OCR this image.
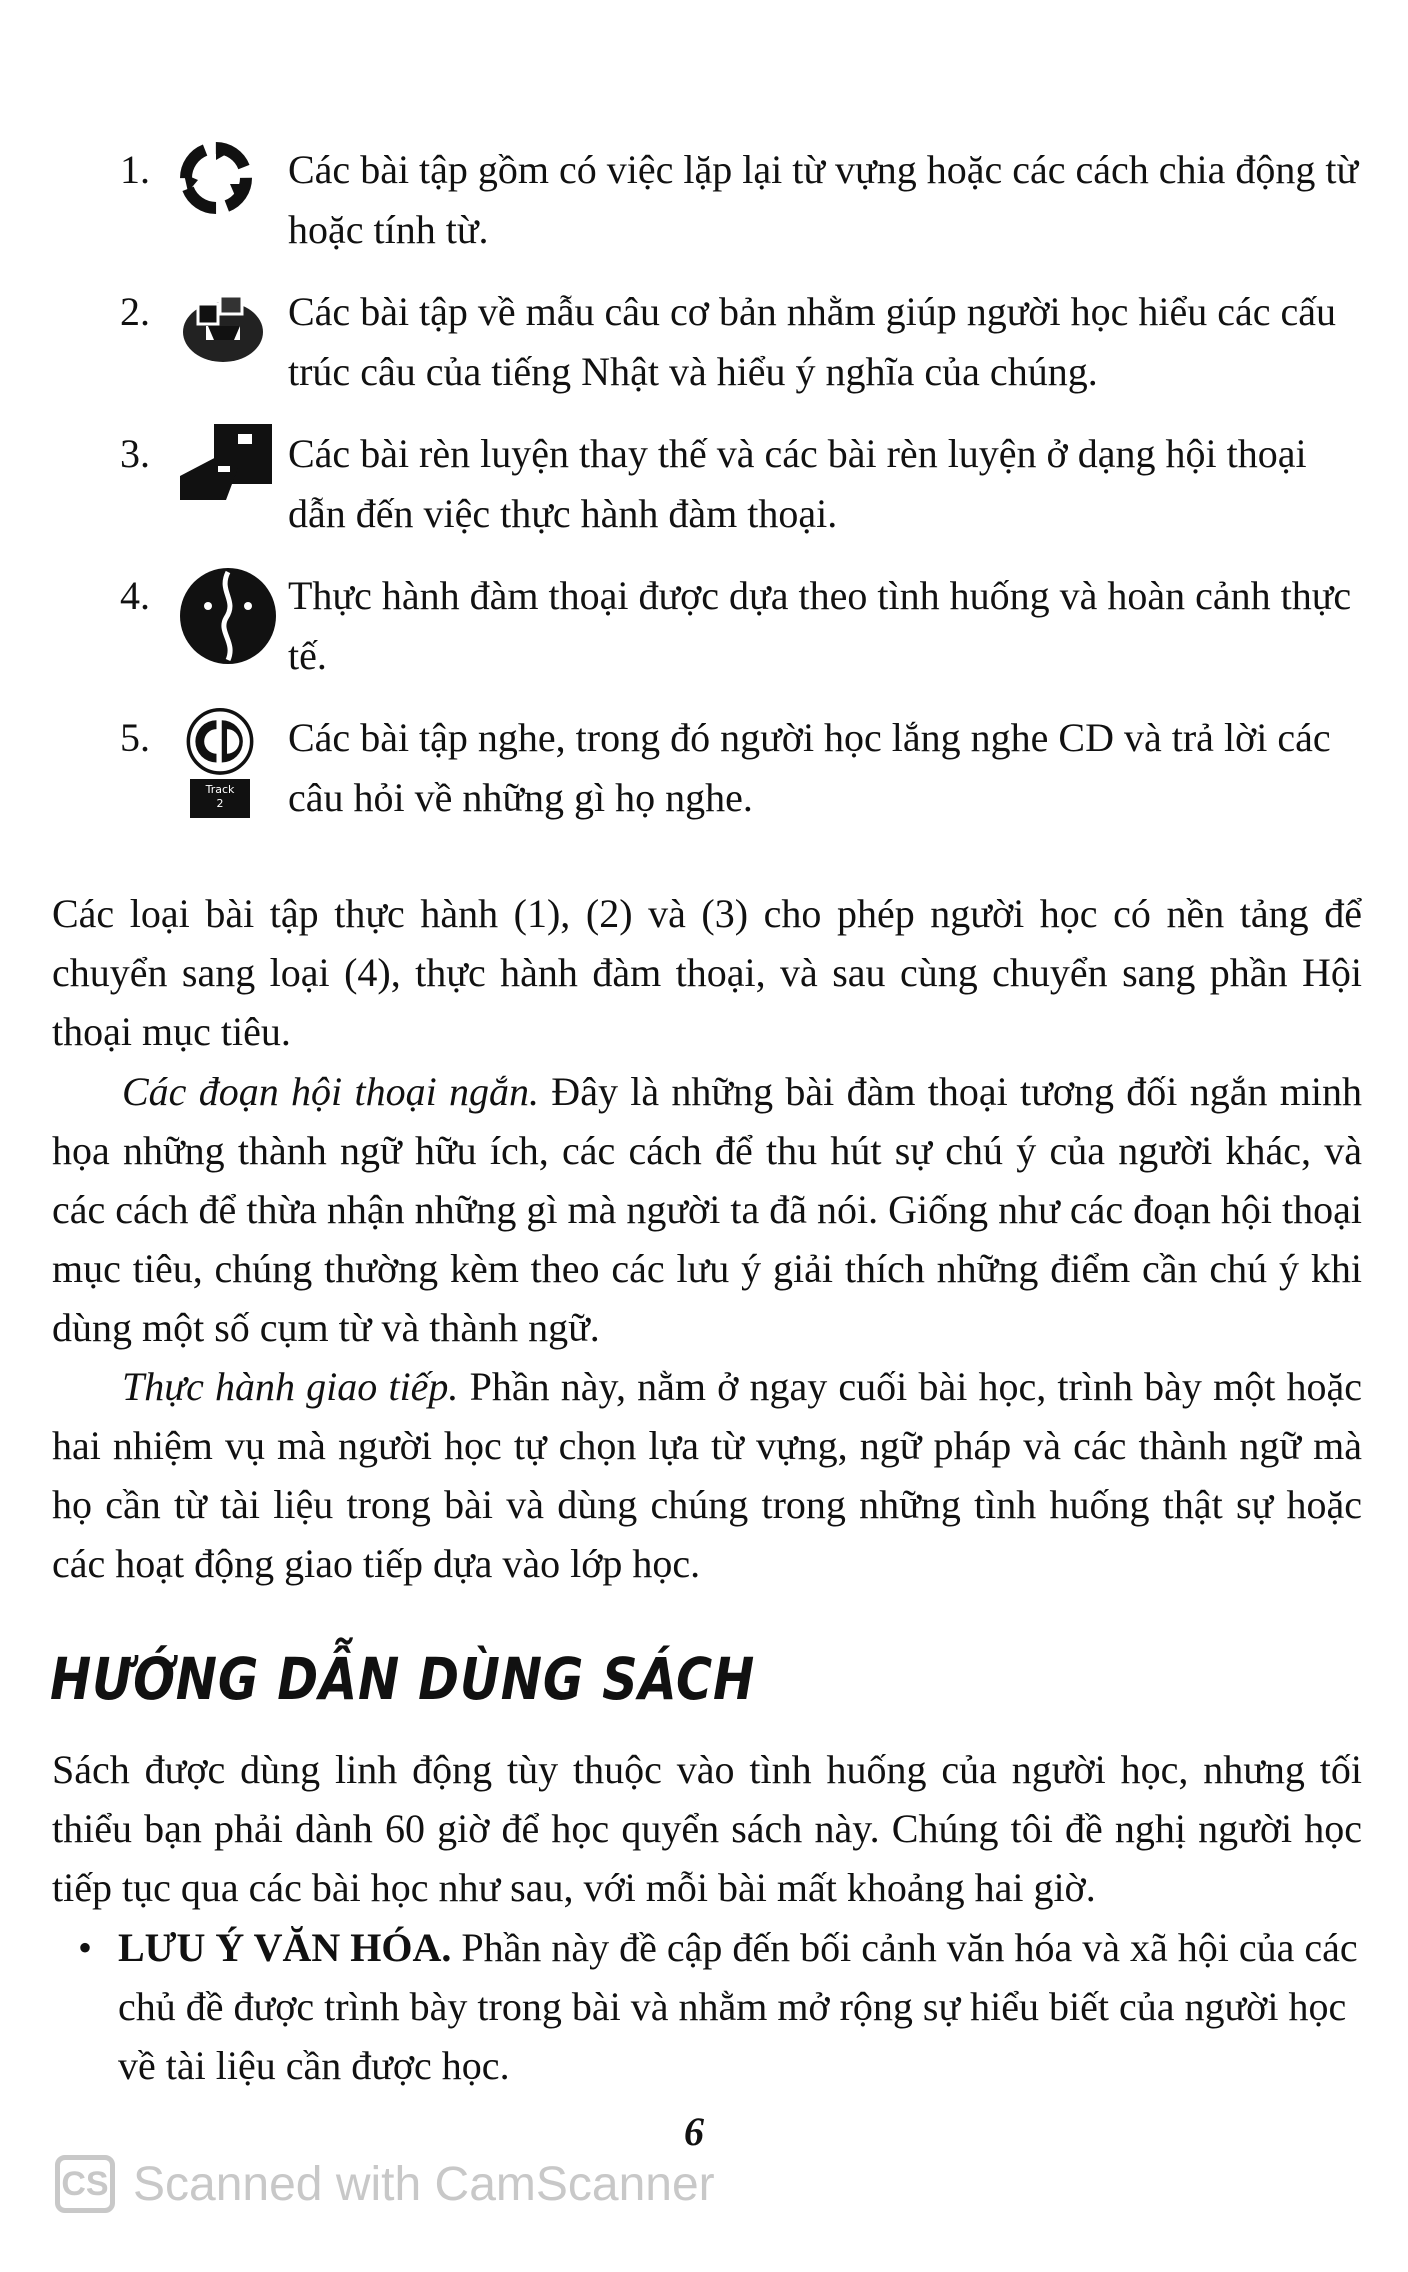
1.	Các bài tập gồm có việc lặp lại từ vựng hoặc các cách chia động từ hoặc tính từ.
2.	Các bài tập về mẫu câu cơ bản nhằm giúp người học hiểu các cấu trúc câu của tiếng Nhật và hiểu ý nghĩa của chúng.
3.	Các bài rèn luyện thay thế và các bài rèn luyện ở dạng hội thoại dẫn đến việc thực hành đàm thoại.
4.	Thực hành đàm thoại được dựa theo tình huống và hoàn cảnh thực tế.
5.
Track
2
Các bài tập nghe, trong đó người học lắng nghe CD và trả lời các câu hỏi về những gì họ nghe.
Các loại bài tập thực hành (1), (2) và (3) cho phép người học có nền tảng để chuyển sang loại (4), thực hành đàm thoại, và sau cùng chuyển sang phần Hội thoại mục tiêu.
Các đoạn hội thoại ngắn. Đây là những bài đàm thoại tương đối ngắn minh họa những thành ngữ hữu ích, các cách để thu hút sự chú ý của người khác, và các cách để thừa nhận những gì mà người ta đã nói. Giống như các đoạn hội thoại mục tiêu, chúng thường kèm theo các lưu ý giải thích những điểm cần chú ý khi dùng một số cụm từ và thành ngữ.
Thực hành giao tiếp. Phần này, nằm ở ngay cuối bài học, trình bày một hoặc hai nhiệm vụ mà người học tự chọn lựa từ vựng, ngữ pháp và các thành ngữ mà họ cần từ tài liệu trong bài và dùng chúng trong những tình huống thật sự hoặc các hoạt động giao tiếp dựa vào lớp học.
HƯỚNG DẪN DÙNG SÁCH
Sách được dùng linh động tùy thuộc vào tình huống của người học, nhưng tối thiểu bạn phải dành 60 giờ để học quyển sách này. Chúng tôi đề nghị người học tiếp tục qua các bài học như sau, với mỗi bài mất khoảng hai giờ.
• LƯU Ý VĂN HÓA. Phần này đề cập đến bối cảnh văn hóa và xã hội của các chủ đề được trình bày trong bài và nhằm mở rộng sự hiểu biết của người học về tài liệu cần được học.
6
CS Scanned with CamScanner
